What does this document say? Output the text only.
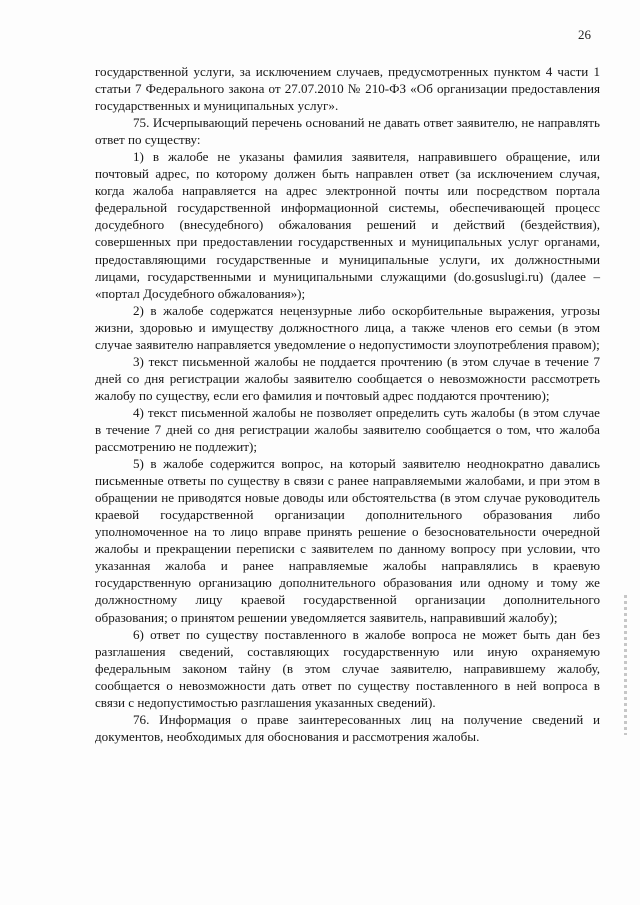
26

государственной услуги, за исключением случаев, предусмотренных пунктом 4 части 1 статьи 7 Федерального закона от 27.07.2010 № 210-ФЗ «Об организации предоставления государственных и муниципальных услуг».

75. Исчерпывающий перечень оснований не давать ответ заявителю, не направлять ответ по существу:

1) в жалобе не указаны фамилия заявителя, направившего обращение, или почтовый адрес, по которому должен быть направлен ответ (за исключением случая, когда жалоба направляется на адрес электронной почты или посредством портала федеральной государственной информационной системы, обеспечивающей процесс досудебного (внесудебного) обжалования решений и действий (бездействия), совершенных при предоставлении государственных и муниципальных услуг органами, предоставляющими государственные и муниципальные услуги, их должностными лицами, государственными и муниципальными служащими (do.gosuslugi.ru) (далее – «портал Досудебного обжалования»);

2) в жалобе содержатся нецензурные либо оскорбительные выражения, угрозы жизни, здоровью и имуществу должностного лица, а также членов его семьи (в этом случае заявителю направляется уведомление о недопустимости злоупотребления правом);

3) текст письменной жалобы не поддается прочтению (в этом случае в течение 7 дней со дня регистрации жалобы заявителю сообщается о невозможности рассмотреть жалобу по существу, если его фамилия и почтовый адрес поддаются прочтению);

4) текст письменной жалобы не позволяет определить суть жалобы (в этом случае в течение 7 дней со дня регистрации жалобы заявителю сообщается о том, что жалоба рассмотрению не подлежит);

5) в жалобе содержится вопрос, на который заявителю неоднократно давались письменные ответы по существу в связи с ранее направляемыми жалобами, и при этом в обращении не приводятся новые доводы или обстоятельства (в этом случае руководитель краевой государственной организации дополнительного образования либо уполномоченное на то лицо вправе принять решение о безосновательности очередной жалобы и прекращении переписки с заявителем по данному вопросу при условии, что указанная жалоба и ранее направляемые жалобы направлялись в краевую государственную организацию дополнительного образования или одному и тому же должностному лицу краевой государственной организации дополнительного образования; о принятом решении уведомляется заявитель, направивший жалобу);

6) ответ по существу поставленного в жалобе вопроса не может быть дан без разглашения сведений, составляющих государственную или иную охраняемую федеральным законом тайну (в этом случае заявителю, направившему жалобу, сообщается о невозможности дать ответ по существу поставленного в ней вопроса в связи с недопустимостью разглашения указанных сведений).

76. Информация о праве заинтересованных лиц на получение сведений и документов, необходимых для обоснования и рассмотрения жалобы.
